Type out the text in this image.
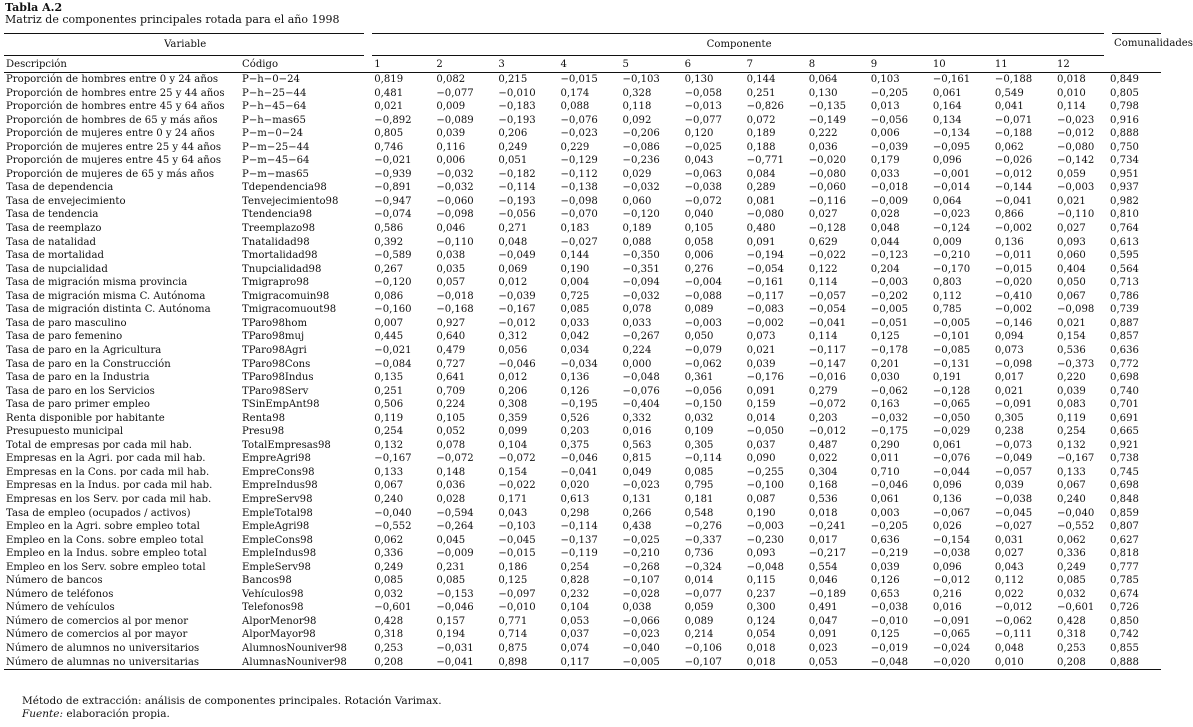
Tabla A.2
Matriz de componentes principales rotada para el año 1998
Variable		Componente												Comunalidades
Descripción	Código	1	2	3	4	5	6	7	8	9	10	11	12	
Proporción de hombres entre 0 y 24 años	P−h−0−24	0,819	0,082	0,215	−0,015	−0,103	0,130	0,144	0,064	0,103	−0,161	−0,188	0,018	0,849
Proporción de hombres entre 25 y 44 años	P−h−25−44	0,481	−0,077	−0,010	0,174	0,328	−0,058	0,251	0,130	−0,205	0,061	0,549	0,010	0,805
Proporción de hombres entre 45 y 64 años	P−h−45−64	0,021	0,009	−0,183	0,088	0,118	−0,013	−0,826	−0,135	0,013	0,164	0,041	0,114	0,798
Proporción de hombres de 65 y más años	P−h−mas65	−0,892	−0,089	−0,193	−0,076	0,092	−0,077	0,072	−0,149	−0,056	0,134	−0,071	−0,023	0,916
Proporción de mujeres entre 0 y 24 años	P−m−0−24	0,805	0,039	0,206	−0,023	−0,206	0,120	0,189	0,222	0,006	−0,134	−0,188	−0,012	0,888
Proporción de mujeres entre 25 y 44 años	P−m−25−44	0,746	0,116	0,249	0,229	−0,086	−0,025	0,188	0,036	−0,039	−0,095	0,062	−0,080	0,750
Proporción de mujeres entre 45 y 64 años	P−m−45−64	−0,021	0,006	0,051	−0,129	−0,236	0,043	−0,771	−0,020	0,179	0,096	−0,026	−0,142	0,734
Proporción de mujeres de 65 y más años	P−m−mas65	−0,939	−0,032	−0,182	−0,112	0,029	−0,063	0,084	−0,080	0,033	−0,001	−0,012	0,059	0,951
Tasa de dependencia	Tdependencia98	−0,891	−0,032	−0,114	−0,138	−0,032	−0,038	0,289	−0,060	−0,018	−0,014	−0,144	−0,003	0,937
Tasa de envejecimiento	Tenvejecimiento98	−0,947	−0,060	−0,193	−0,098	0,060	−0,072	0,081	−0,116	−0,009	0,064	−0,041	0,021	0,982
Tasa de tendencia	Ttendencia98	−0,074	−0,098	−0,056	−0,070	−0,120	0,040	−0,080	0,027	0,028	−0,023	0,866	−0,110	0,810
Tasa de reemplazo	Treemplazo98	0,586	0,046	0,271	0,183	0,189	0,105	0,480	−0,128	0,048	−0,124	−0,002	0,027	0,764
Tasa de natalidad	Tnatalidad98	0,392	−0,110	0,048	−0,027	0,088	0,058	0,091	0,629	0,044	0,009	0,136	0,093	0,613
Tasa de mortalidad	Tmortalidad98	−0,589	0,038	−0,049	0,144	−0,350	0,006	−0,194	−0,022	−0,123	−0,210	−0,011	0,060	0,595
Tasa de nupcialidad	Tnupcialidad98	0,267	0,035	0,069	0,190	−0,351	0,276	−0,054	0,122	0,204	−0,170	−0,015	0,404	0,564
Tasa de migración misma provincia	Tmigrapro98	−0,120	0,057	0,012	0,004	−0,094	−0,004	−0,161	0,114	−0,003	0,803	−0,020	0,050	0,713
Tasa de migración misma C. Autónoma	Tmigracomuin98	0,086	−0,018	−0,039	0,725	−0,032	−0,088	−0,117	−0,057	−0,202	0,112	−0,410	0,067	0,786
Tasa de migración distinta C. Autónoma	Tmigracomuout98	−0,160	−0,168	−0,167	0,085	0,078	0,089	−0,083	−0,054	−0,005	0,785	−0,002	−0,098	0,739
Tasa de paro masculino	TParo98hom	0,007	0,927	−0,012	0,033	0,033	−0,003	−0,002	−0,041	−0,051	−0,005	−0,146	0,021	0,887
Tasa de paro femenino	TParo98muj	0,445	0,640	0,312	0,042	−0,267	0,050	0,073	0,114	0,125	−0,101	0,094	0,154	0,857
Tasa de paro en la Agricultura	TParo98Agri	−0,021	0,479	0,056	0,034	0,224	−0,079	0,021	−0,117	−0,178	−0,085	0,073	0,536	0,636
Tasa de paro en la Construcción	TParo98Cons	−0,084	0,727	−0,046	−0,034	0,000	−0,062	0,039	−0,147	0,201	−0,131	−0,098	−0,373	0,772
Tasa de paro en la Industria	TParo98Indus	0,135	0,641	0,012	0,136	−0,048	0,361	−0,176	−0,016	0,030	0,191	0,017	0,220	0,698
Tasa de paro en los Servicios	TParo98Serv	0,251	0,709	0,206	0,126	−0,076	−0,056	0,091	0,279	−0,062	−0,128	0,021	0,039	0,740
Tasa de paro primer empleo	TSinEmpAnt98	0,506	0,224	0,308	−0,195	−0,404	−0,150	0,159	−0,072	0,163	−0,065	−0,091	0,083	0,701
Renta disponible por habitante	Renta98	0,119	0,105	0,359	0,526	0,332	0,032	0,014	0,203	−0,032	−0,050	0,305	0,119	0,691
Presupuesto municipal	Presu98	0,254	0,052	0,099	0,203	0,016	0,109	−0,050	−0,012	−0,175	−0,029	0,238	0,254	0,665
Total de empresas por cada mil hab.	TotalEmpresas98	0,132	0,078	0,104	0,375	0,563	0,305	0,037	0,487	0,290	0,061	−0,073	0,132	0,921
Empresas en la Agri. por cada mil hab.	EmpreAgri98	−0,167	−0,072	−0,072	−0,046	0,815	−0,114	0,090	0,022	0,011	−0,076	−0,049	−0,167	0,738
Empresas en la Cons. por cada mil hab.	EmpreCons98	0,133	0,148	0,154	−0,041	0,049	0,085	−0,255	0,304	0,710	−0,044	−0,057	0,133	0,745
Empresas en la Indus. por cada mil hab.	EmpreIndus98	0,067	0,036	−0,022	0,020	−0,023	0,795	−0,100	0,168	−0,046	0,096	0,039	0,067	0,698
Empresas en los Serv. por cada mil hab.	EmpreServ98	0,240	0,028	0,171	0,613	0,131	0,181	0,087	0,536	0,061	0,136	−0,038	0,240	0,848
Tasa de empleo (ocupados / activos)	EmpleTotal98	−0,040	−0,594	0,043	0,298	0,266	0,548	0,190	0,018	0,003	−0,067	−0,045	−0,040	0,859
Empleo en la Agri. sobre empleo total	EmpleAgri98	−0,552	−0,264	−0,103	−0,114	0,438	−0,276	−0,003	−0,241	−0,205	0,026	−0,027	−0,552	0,807
Empleo en la Cons. sobre empleo total	EmpleCons98	0,062	0,045	−0,045	−0,137	−0,025	−0,337	−0,230	0,017	0,636	−0,154	0,031	0,062	0,627
Empleo en la Indus. sobre empleo total	EmpleIndus98	0,336	−0,009	−0,015	−0,119	−0,210	0,736	0,093	−0,217	−0,219	−0,038	0,027	0,336	0,818
Empleo en los Serv. sobre empleo total	EmpleServ98	0,249	0,231	0,186	0,254	−0,268	−0,324	−0,048	0,554	0,039	0,096	0,043	0,249	0,777
Número de bancos	Bancos98	0,085	0,085	0,125	0,828	−0,107	0,014	0,115	0,046	0,126	−0,012	0,112	0,085	0,785
Número de teléfonos	Vehículos98	0,032	−0,153	−0,097	0,232	−0,028	−0,077	0,237	−0,189	0,653	0,216	0,022	0,032	0,674
Número de vehículos	Telefonos98	−0,601	−0,046	−0,010	0,104	0,038	0,059	0,300	0,491	−0,038	0,016	−0,012	−0,601	0,726
Número de comercios al por menor	AlporMenor98	0,428	0,157	0,771	0,053	−0,066	0,089	0,124	0,047	−0,010	−0,091	−0,062	0,428	0,850
Número de comercios al por mayor	AlporMayor98	0,318	0,194	0,714	0,037	−0,023	0,214	0,054	0,091	0,125	−0,065	−0,111	0,318	0,742
Número de alumnos no universitarios	AlumnosNouniver98	0,253	−0,031	0,875	0,074	−0,040	−0,106	0,018	0,023	−0,019	−0,024	0,048	0,253	0,855
Número de alumnas no universitarias	AlumnasNouniver98	0,208	−0,041	0,898	0,117	−0,005	−0,107	0,018	0,053	−0,048	−0,020	0,010	0,208	0,888
Método de extracción: análisis de componentes principales. Rotación Varimax.
Fuente: elaboración propia.
